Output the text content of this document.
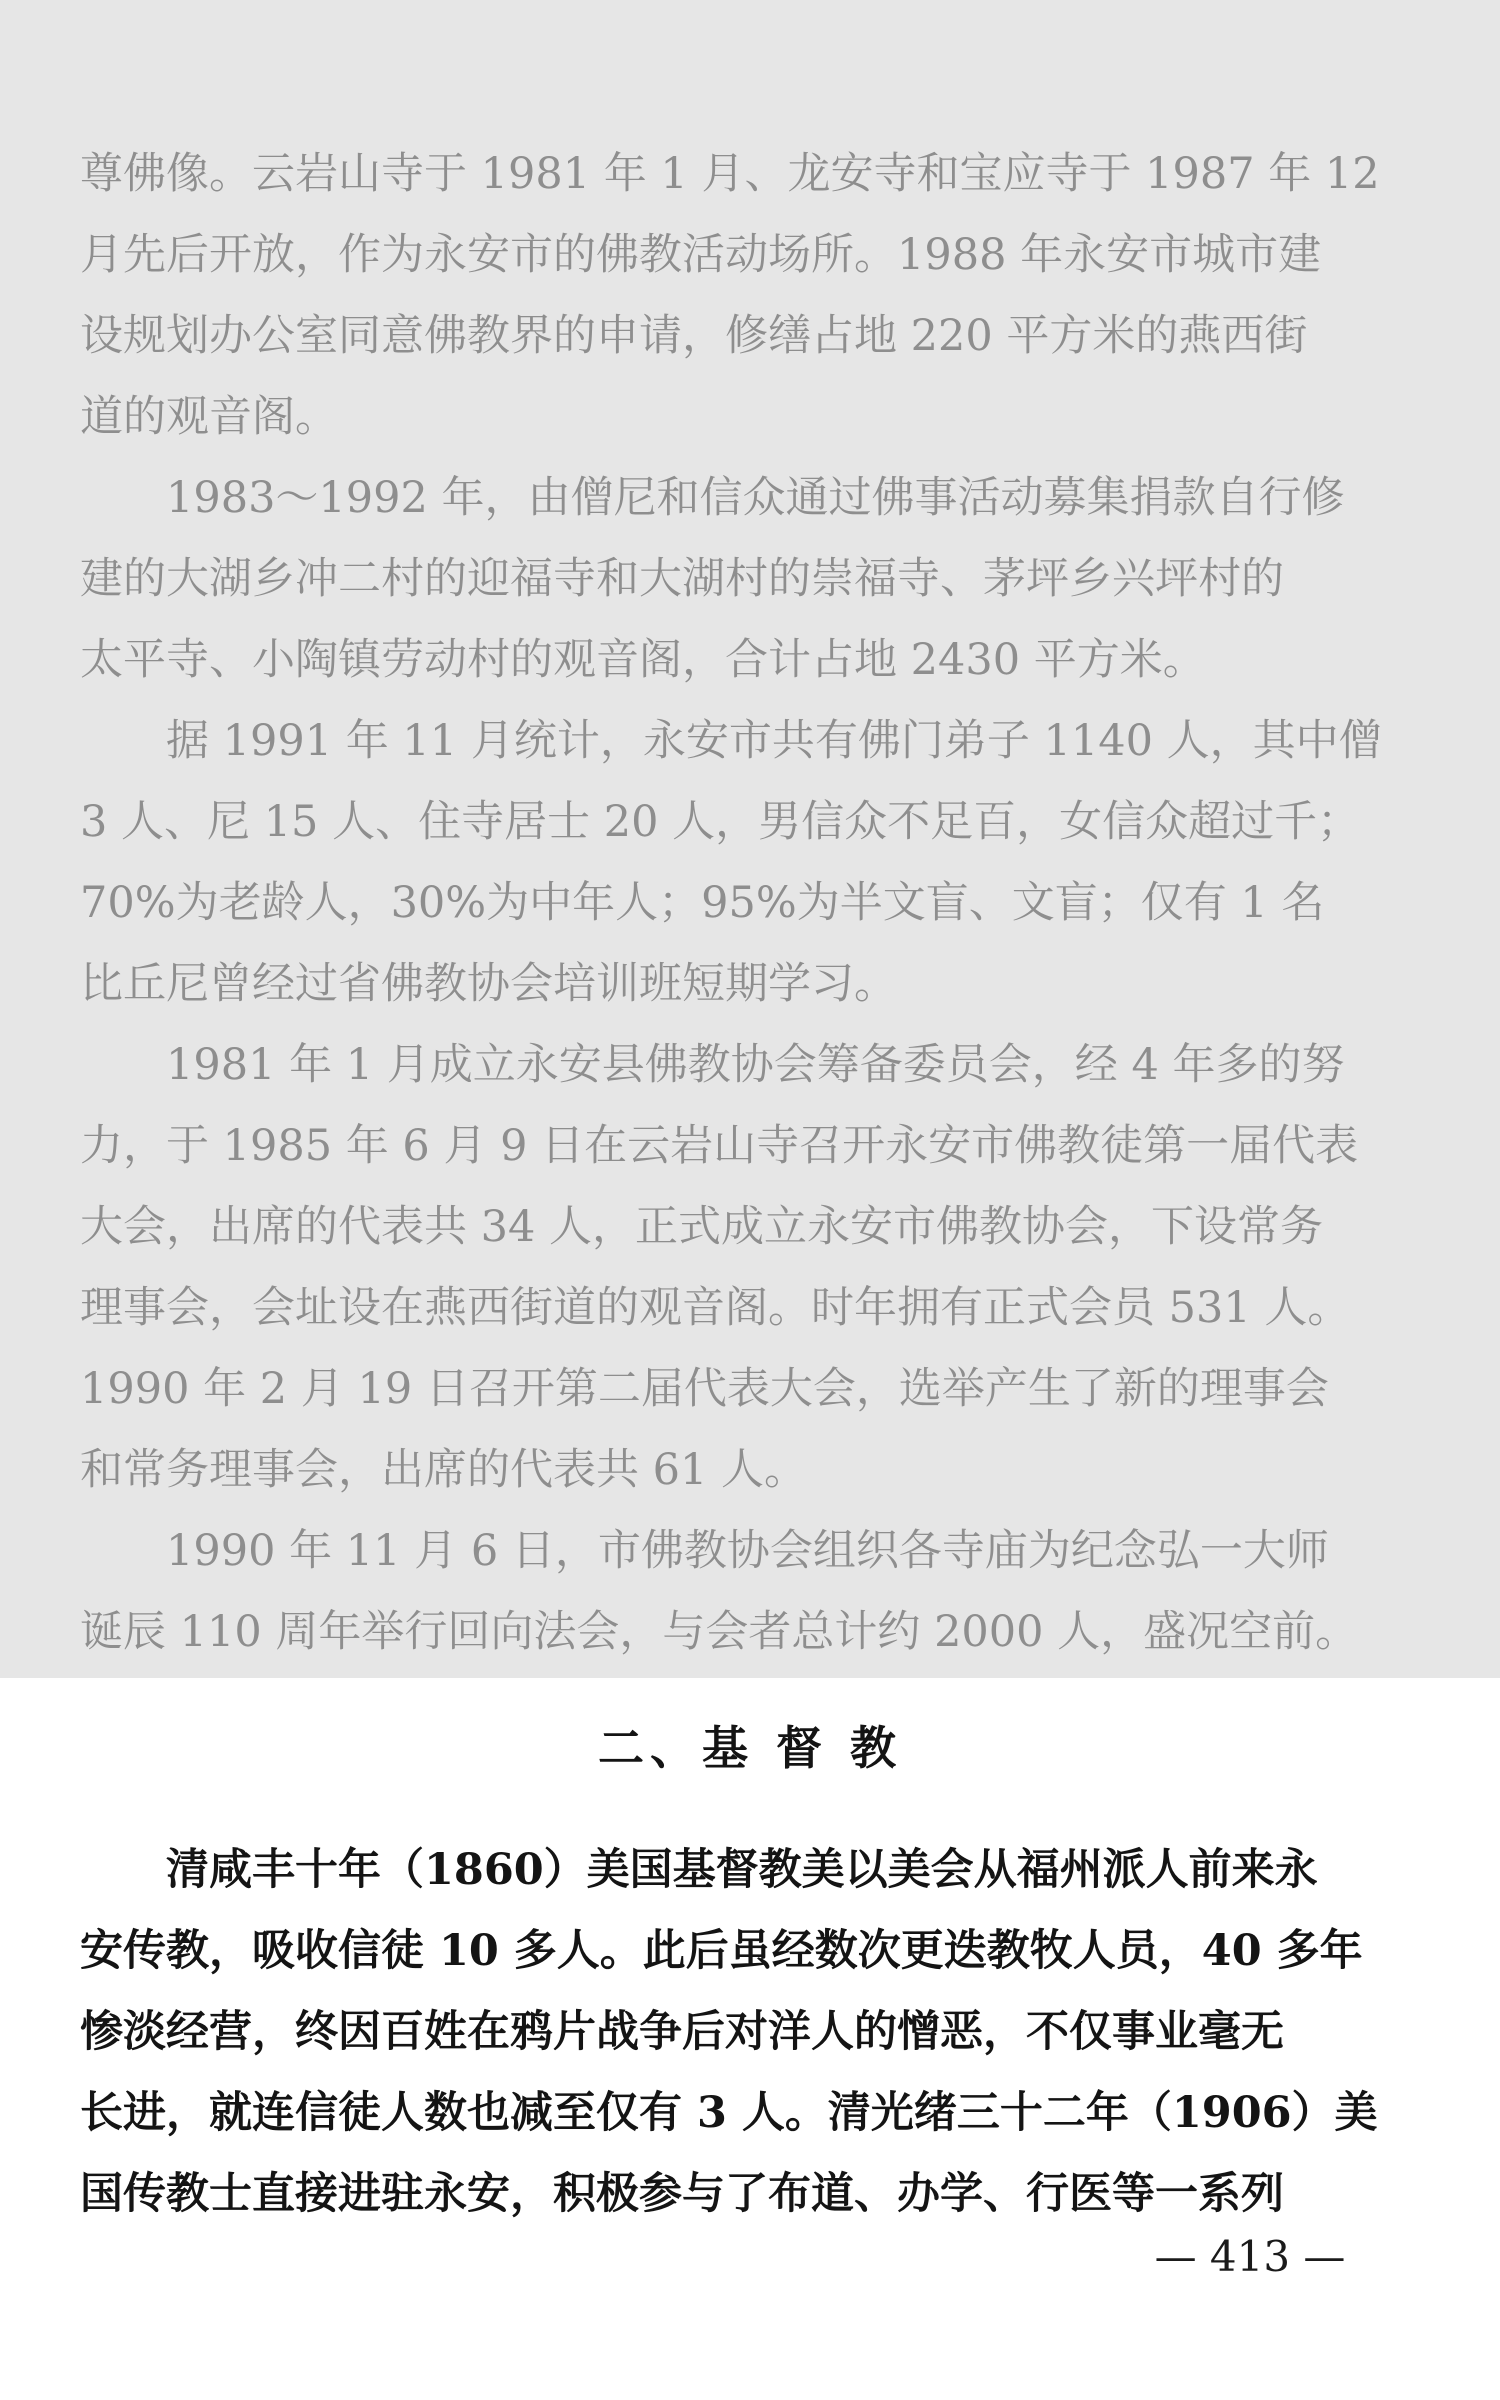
尊佛像。云岩山寺于 1981 年 1 月、龙安寺和宝应寺于 1987 年 12
月先后开放，作为永安市的佛教活动场所。1988 年永安市城市建
设规划办公室同意佛教界的申请，修缮占地 220 平方米的燕西街
道的观音阁。
　　1983～1992 年，由僧尼和信众通过佛事活动募集捐款自行修
建的大湖乡冲二村的迎福寺和大湖村的崇福寺、茅坪乡兴坪村的
太平寺、小陶镇劳动村的观音阁，合计占地 2430 平方米。
　　据 1991 年 11 月统计，永安市共有佛门弟子 1140 人，其中僧
3 人、尼 15 人、住寺居士 20 人，男信众不足百，女信众超过千；
70%为老龄人，30%为中年人；95%为半文盲、文盲；仅有 1 名
比丘尼曾经过省佛教协会培训班短期学习。
　　1981 年 1 月成立永安县佛教协会筹备委员会，经 4 年多的努
力，于 1985 年 6 月 9 日在云岩山寺召开永安市佛教徒第一届代表
大会，出席的代表共 34 人，正式成立永安市佛教协会，下设常务
理事会，会址设在燕西街道的观音阁。时年拥有正式会员 531 人。
1990 年 2 月 19 日召开第二届代表大会，选举产生了新的理事会
和常务理事会，出席的代表共 61 人。
　　1990 年 11 月 6 日，市佛教协会组织各寺庙为纪念弘一大师
诞辰 110 周年举行回向法会，与会者总计约 2000 人，盛况空前。
二、基 督 教
　　清咸丰十年（1860）美国基督教美以美会从福州派人前来永
安传教，吸收信徒 10 多人。此后虽经数次更迭教牧人员，40 多年
惨淡经营，终因百姓在鸦片战争后对洋人的憎恶，不仅事业毫无
长进，就连信徒人数也减至仅有 3 人。清光绪三十二年（1906）美
国传教士直接进驻永安，积极参与了布道、办学、行医等一系列
— 413 —
